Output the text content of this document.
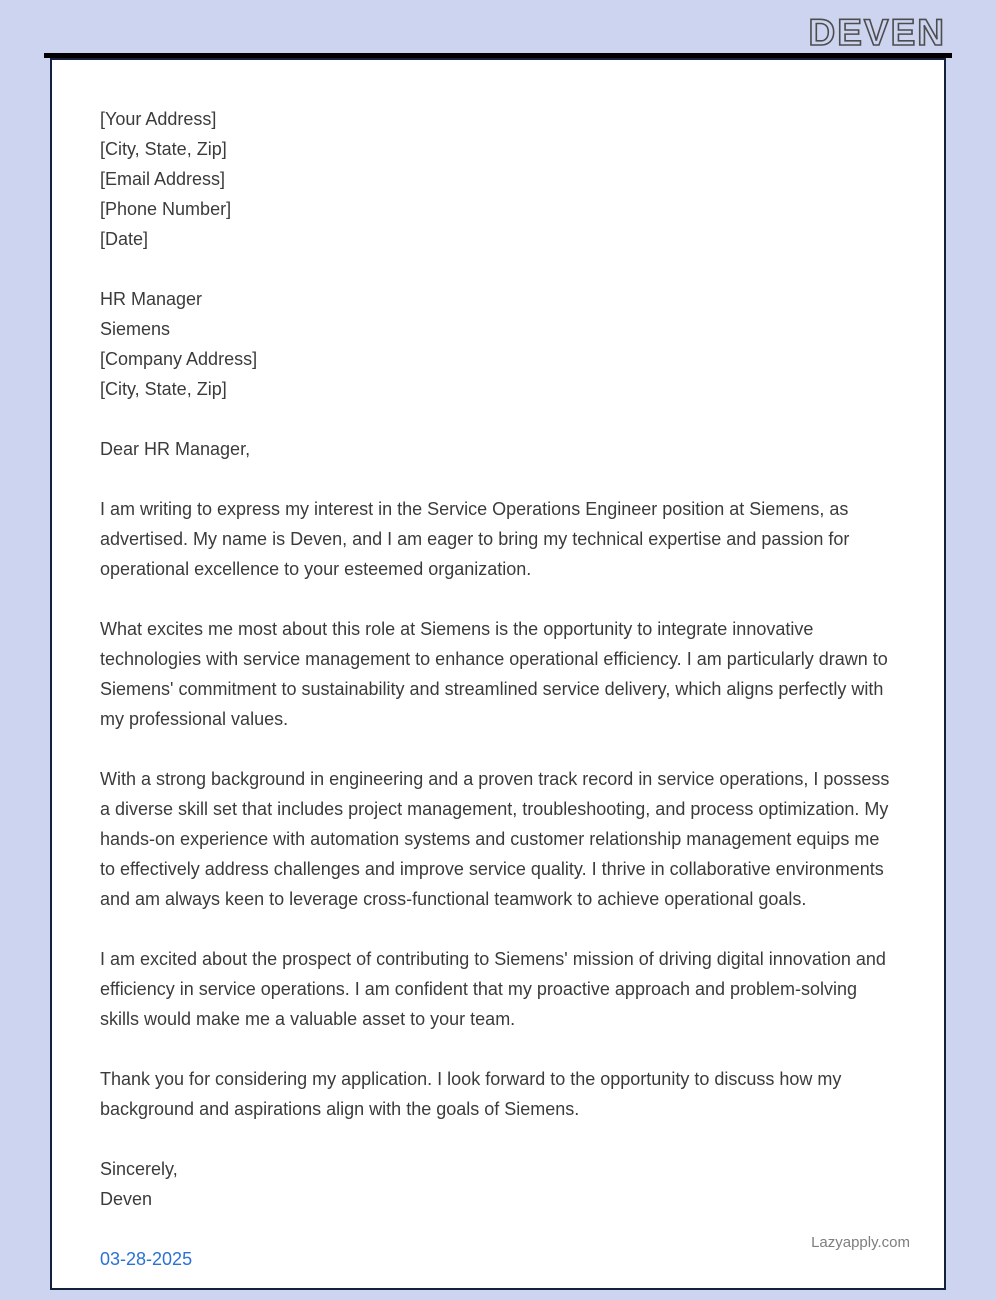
DEVEN
[Your Address]
[City, State, Zip]
[Email Address]
[Phone Number]
[Date]
HR Manager
Siemens
[Company Address]
[City, State, Zip]

Dear HR Manager,

I am writing to express my interest in the Service Operations Engineer position at Siemens, as advertised. My name is Deven, and I am eager to bring my technical expertise and passion for operational excellence to your esteemed organization.

What excites me most about this role at Siemens is the opportunity to integrate innovative technologies with service management to enhance operational efficiency. I am particularly drawn to Siemens' commitment to sustainability and streamlined service delivery, which aligns perfectly with my professional values.

With a strong background in engineering and a proven track record in service operations, I possess a diverse skill set that includes project management, troubleshooting, and process optimization. My hands-on experience with automation systems and customer relationship management equips me to effectively address challenges and improve service quality. I thrive in collaborative environments and am always keen to leverage cross-functional teamwork to achieve operational goals.

I am excited about the prospect of contributing to Siemens' mission of driving digital innovation and efficiency in service operations. I am confident that my proactive approach and problem-solving skills would make me a valuable asset to your team.

Thank you for considering my application. I look forward to the opportunity to discuss how my background and aspirations align with the goals of Siemens.

Sincerely,
Deven
03-28-2025
Lazyapply.com
